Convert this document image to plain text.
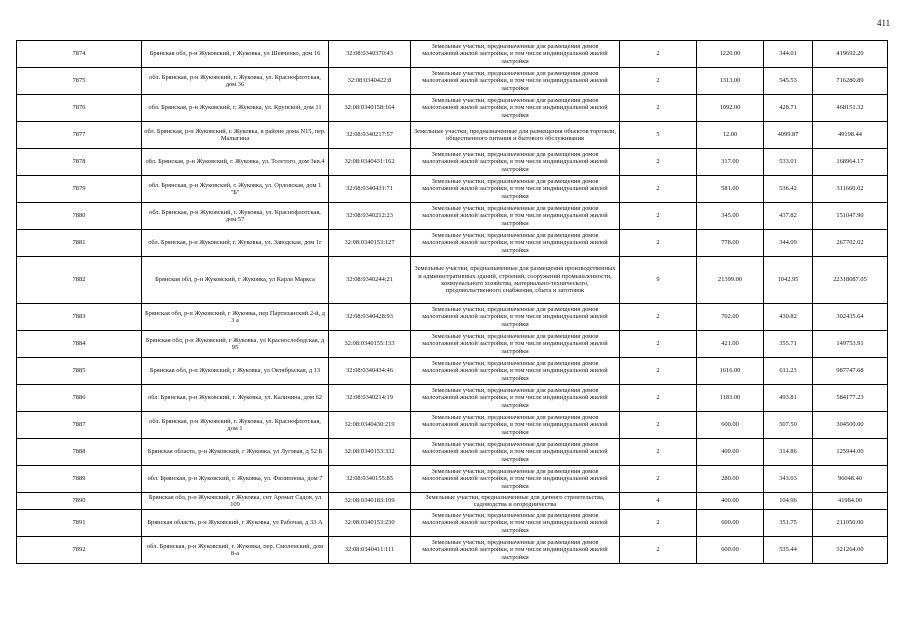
411
7874	Брянская обл, р-н Жуковский, г Жуковка, ул Шевченко, дом 16	32:08:0340370:43	Земельные участки, предназначенные для размещения домов малоэтажной жилой застройки, в том числе индивидуальной жилой застройки	2	1220.00	344.01	419692.20
7875	обл. Брянская, р-н Жуковский, г. Жуковка, ул. Краснофлотская, дом 36	32:08:0340422:8	Земельные участки, предназначенные для размещения домов малоэтажной жилой застройки, в том числе индивидуальной жилой застройки	2	1313.00	545.53	716280.89
7876	обл. Брянская, р-н Жуковский, г. Жуковка, ул. Крупской, дом 11	32:08:0340158:164	Земельные участки, предназначенные для размещения домов малоэтажной жилой застройки, в том числе индивидуальной жилой застройки	2	1092.00	428.71	468151.32
7877	обл. Брянская, р-н Жуковский, г. Жуковка, в районе дома N15, пер. Малыгина	32:08:0340217:57	Земельные участки, предназначенные для размещения объектов торговли, общественного питания и бытового обслуживания	5	12.00	4099.87	49198.44
7878	обл. Брянская, р-н Жуковский, г. Жуковка, ул. Толстого, дом 3кв.4	32:08:0340431:162	Земельные участки, предназначенные для размещения домов малоэтажной жилой застройки, в том числе индивидуальной жилой застройки	2	317.00	533.01	168964.17
7879	обл. Брянская, р-н Жуковский, г. Жуковка, ул. Орловская, дом 1 "Б"	32:08:0340431:71	Земельные участки, предназначенные для размещения домов малоэтажной жилой застройки, в том числе индивидуальной жилой застройки	2	581.00	536.42	311660.02
7880	обл. Брянская, р-н Жуковский, г. Жуковка, ул. Краснофлотская, дом 57	32:08:0340212:23	Земельные участки, предназначенные для размещения домов малоэтажной жилой застройки, в том числе индивидуальной жилой застройки	2	345.00	437.82	151047.90
7881	обл. Брянская, р-н Жуковский, г. Жуковка, ул. Заводская, дом 1г	32:08:0340153:127	Земельные участки, предназначенные для размещения домов малоэтажной жилой застройки, в том числе индивидуальной жилой застройки	2	778.00	344.09	267702.02
7882	Брянская обл, р-н Жуковский, г Жуковка, ул Карла Маркса	32:08:0340244:21	Земельные участки, предназначенные для размещения производственных и административных зданий, строений, сооружений промышленности, коммунального хозяйства, материально-технического, продовольственного снабжения, сбыта и заготовок	9	21399.00	1042.95	22318087.05
7883	Брянская обл, р-н Жуковский, г Жуковка, пер Партизанский 2-й, д 3 а	32:08:0340428:93	Земельные участки, предназначенные для размещения домов малоэтажной жилой застройки, в том числе индивидуальной жилой застройки	2	702.00	430.82	302435.64
7884	Брянская обл, р-н Жуковский, г Жуковка, ул Краснослободская, д 95	32:08:0340155:133	Земельные участки, предназначенные для размещения домов малоэтажной жилой застройки, в том числе индивидуальной жилой застройки	2	421.00	355.71	149753.91
7885	Брянская обл, р-н Жуковский, г Жуковка, ул Октябрьская, д 13	32:08:0340434:46	Земельные участки, предназначенные для размещения домов малоэтажной жилой застройки, в том числе индивидуальной жилой застройки	2	1616.00	611.23	987747.68
7886	обл. Брянская, р-н Жуковский, г. Жуковка, ул. Калинина, дом 62	32:08:0340214:19	Земельные участки, предназначенные для размещения домов малоэтажной жилой застройки, в том числе индивидуальной жилой застройки	2	1183.00	493.81	584177.23
7887	обл. Брянская, р-н Жуковский, г. Жуковка, ул. Краснофлотская, дом 1	32:08:0340430:219	Земельные участки, предназначенные для размещения домов малоэтажной жилой застройки, в том числе индивидуальной жилой застройки	2	600.00	507.50	304500.00
7888	Брянская область, р-н Жуковский, г Жуковка, ул Луговая, д 52 Б	32:08:0340153:332	Земельные участки, предназначенные для размещения домов малоэтажной жилой застройки, в том числе индивидуальной жилой застройки	2	400.00	314.86	125944.00
7889	обл. Брянская, р-н Жуковский, г. Жуковка, ул. Филиппова, дом 7	32:08:0340155:85	Земельные участки, предназначенные для размещения домов малоэтажной жилой застройки, в том числе индивидуальной жилой застройки	2	280.00	343.03	96048.40
7890	Брянская обл, р-н Жуковский, г Жуковка, снт Аромат Садов, ул 109	32:08:0340183:109	Земельные участки, предназначенные для дачного строительства, садоводства и огородничества	4	400.00	104.96	41984.00
7891	Брянская область, р-н Жуковский, г Жуковка, ул Рабочая, д 33 А	32:08:0340153:230	Земельные участки, предназначенные для размещения домов малоэтажной жилой застройки, в том числе индивидуальной жилой застройки	2	600.00	351.75	211050.00
7892	обл. Брянская, р-н Жуковский, г. Жуковка, пер. Смоленский, дом 8-а	32:08:0340411:111	Земельные участки, предназначенные для размещения домов малоэтажной жилой застройки, в том числе индивидуальной жилой застройки	2	600.00	535.44	321264.00
